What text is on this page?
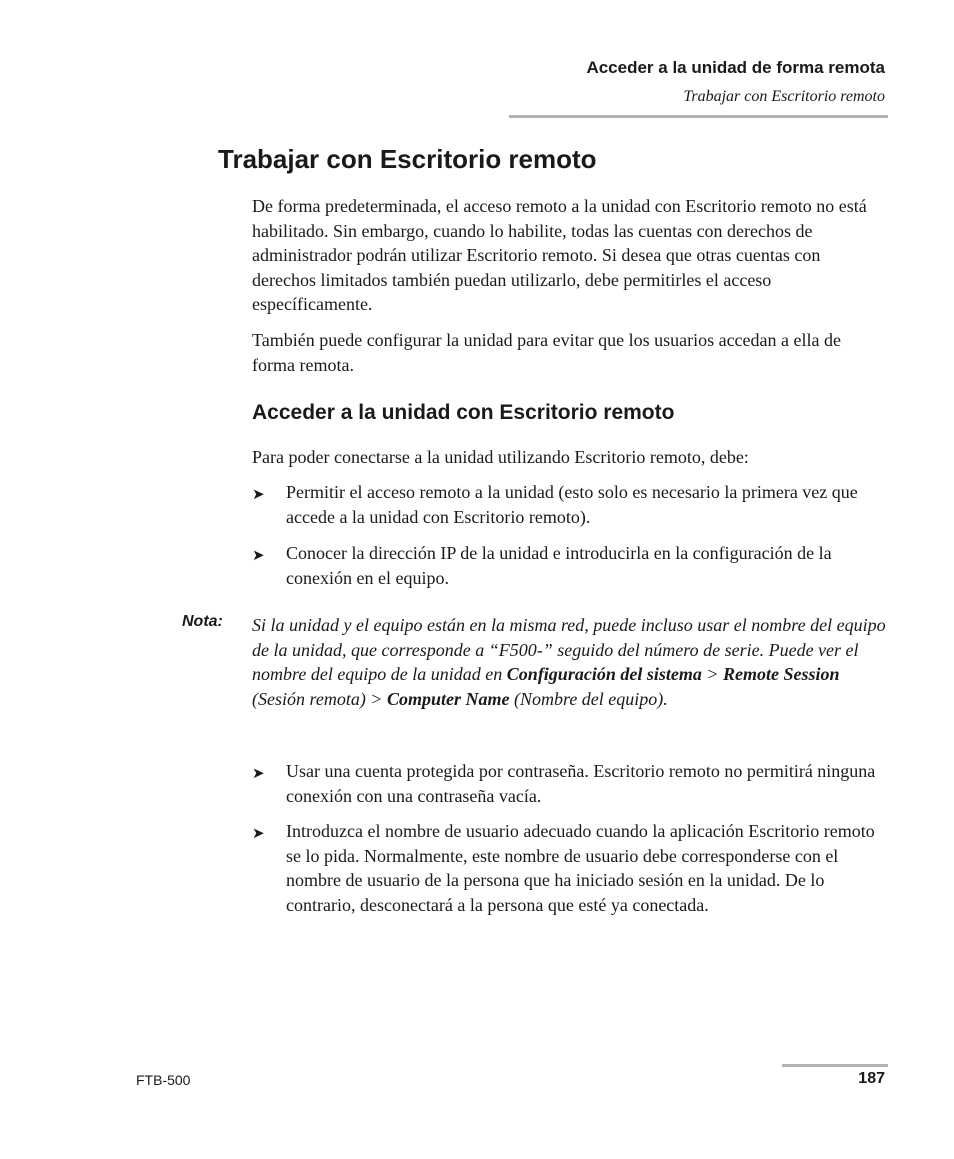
Acceder a la unidad de forma remota
Trabajar con Escritorio remoto
Trabajar con Escritorio remoto

De forma predeterminada, el acceso remoto a la unidad con Escritorio remoto no está habilitado. Sin embargo, cuando lo habilite, todas las cuentas con derechos de administrador podrán utilizar Escritorio remoto. Si desea que otras cuentas con derechos limitados también puedan utilizarlo, debe permitirles el acceso específicamente.

También puede configurar la unidad para evitar que los usuarios accedan a ella de forma remota.

Acceder a la unidad con Escritorio remoto

Para poder conectarse a la unidad utilizando Escritorio remoto, debe:

➤	Permitir el acceso remoto a la unidad (esto solo es necesario la primera vez que accede a la unidad con Escritorio remoto).

➤	Conocer la dirección IP de la unidad e introducirla en la configuración de la conexión en el equipo.

Nota: Si la unidad y el equipo están en la misma red, puede incluso usar el nombre del equipo de la unidad, que corresponde a “F500-” seguido del número de serie. Puede ver el nombre del equipo de la unidad en Configuración del sistema > Remote Session (Sesión remota) > Computer Name (Nombre del equipo).

➤	Usar una cuenta protegida por contraseña. Escritorio remoto no permitirá ninguna conexión con una contraseña vacía.

➤	Introduzca el nombre de usuario adecuado cuando la aplicación Escritorio remoto se lo pida. Normalmente, este nombre de usuario debe corresponderse con el nombre de usuario de la persona que ha iniciado sesión en la unidad. De lo contrario, desconectará a la persona que esté ya conectada.

FTB-500	187
